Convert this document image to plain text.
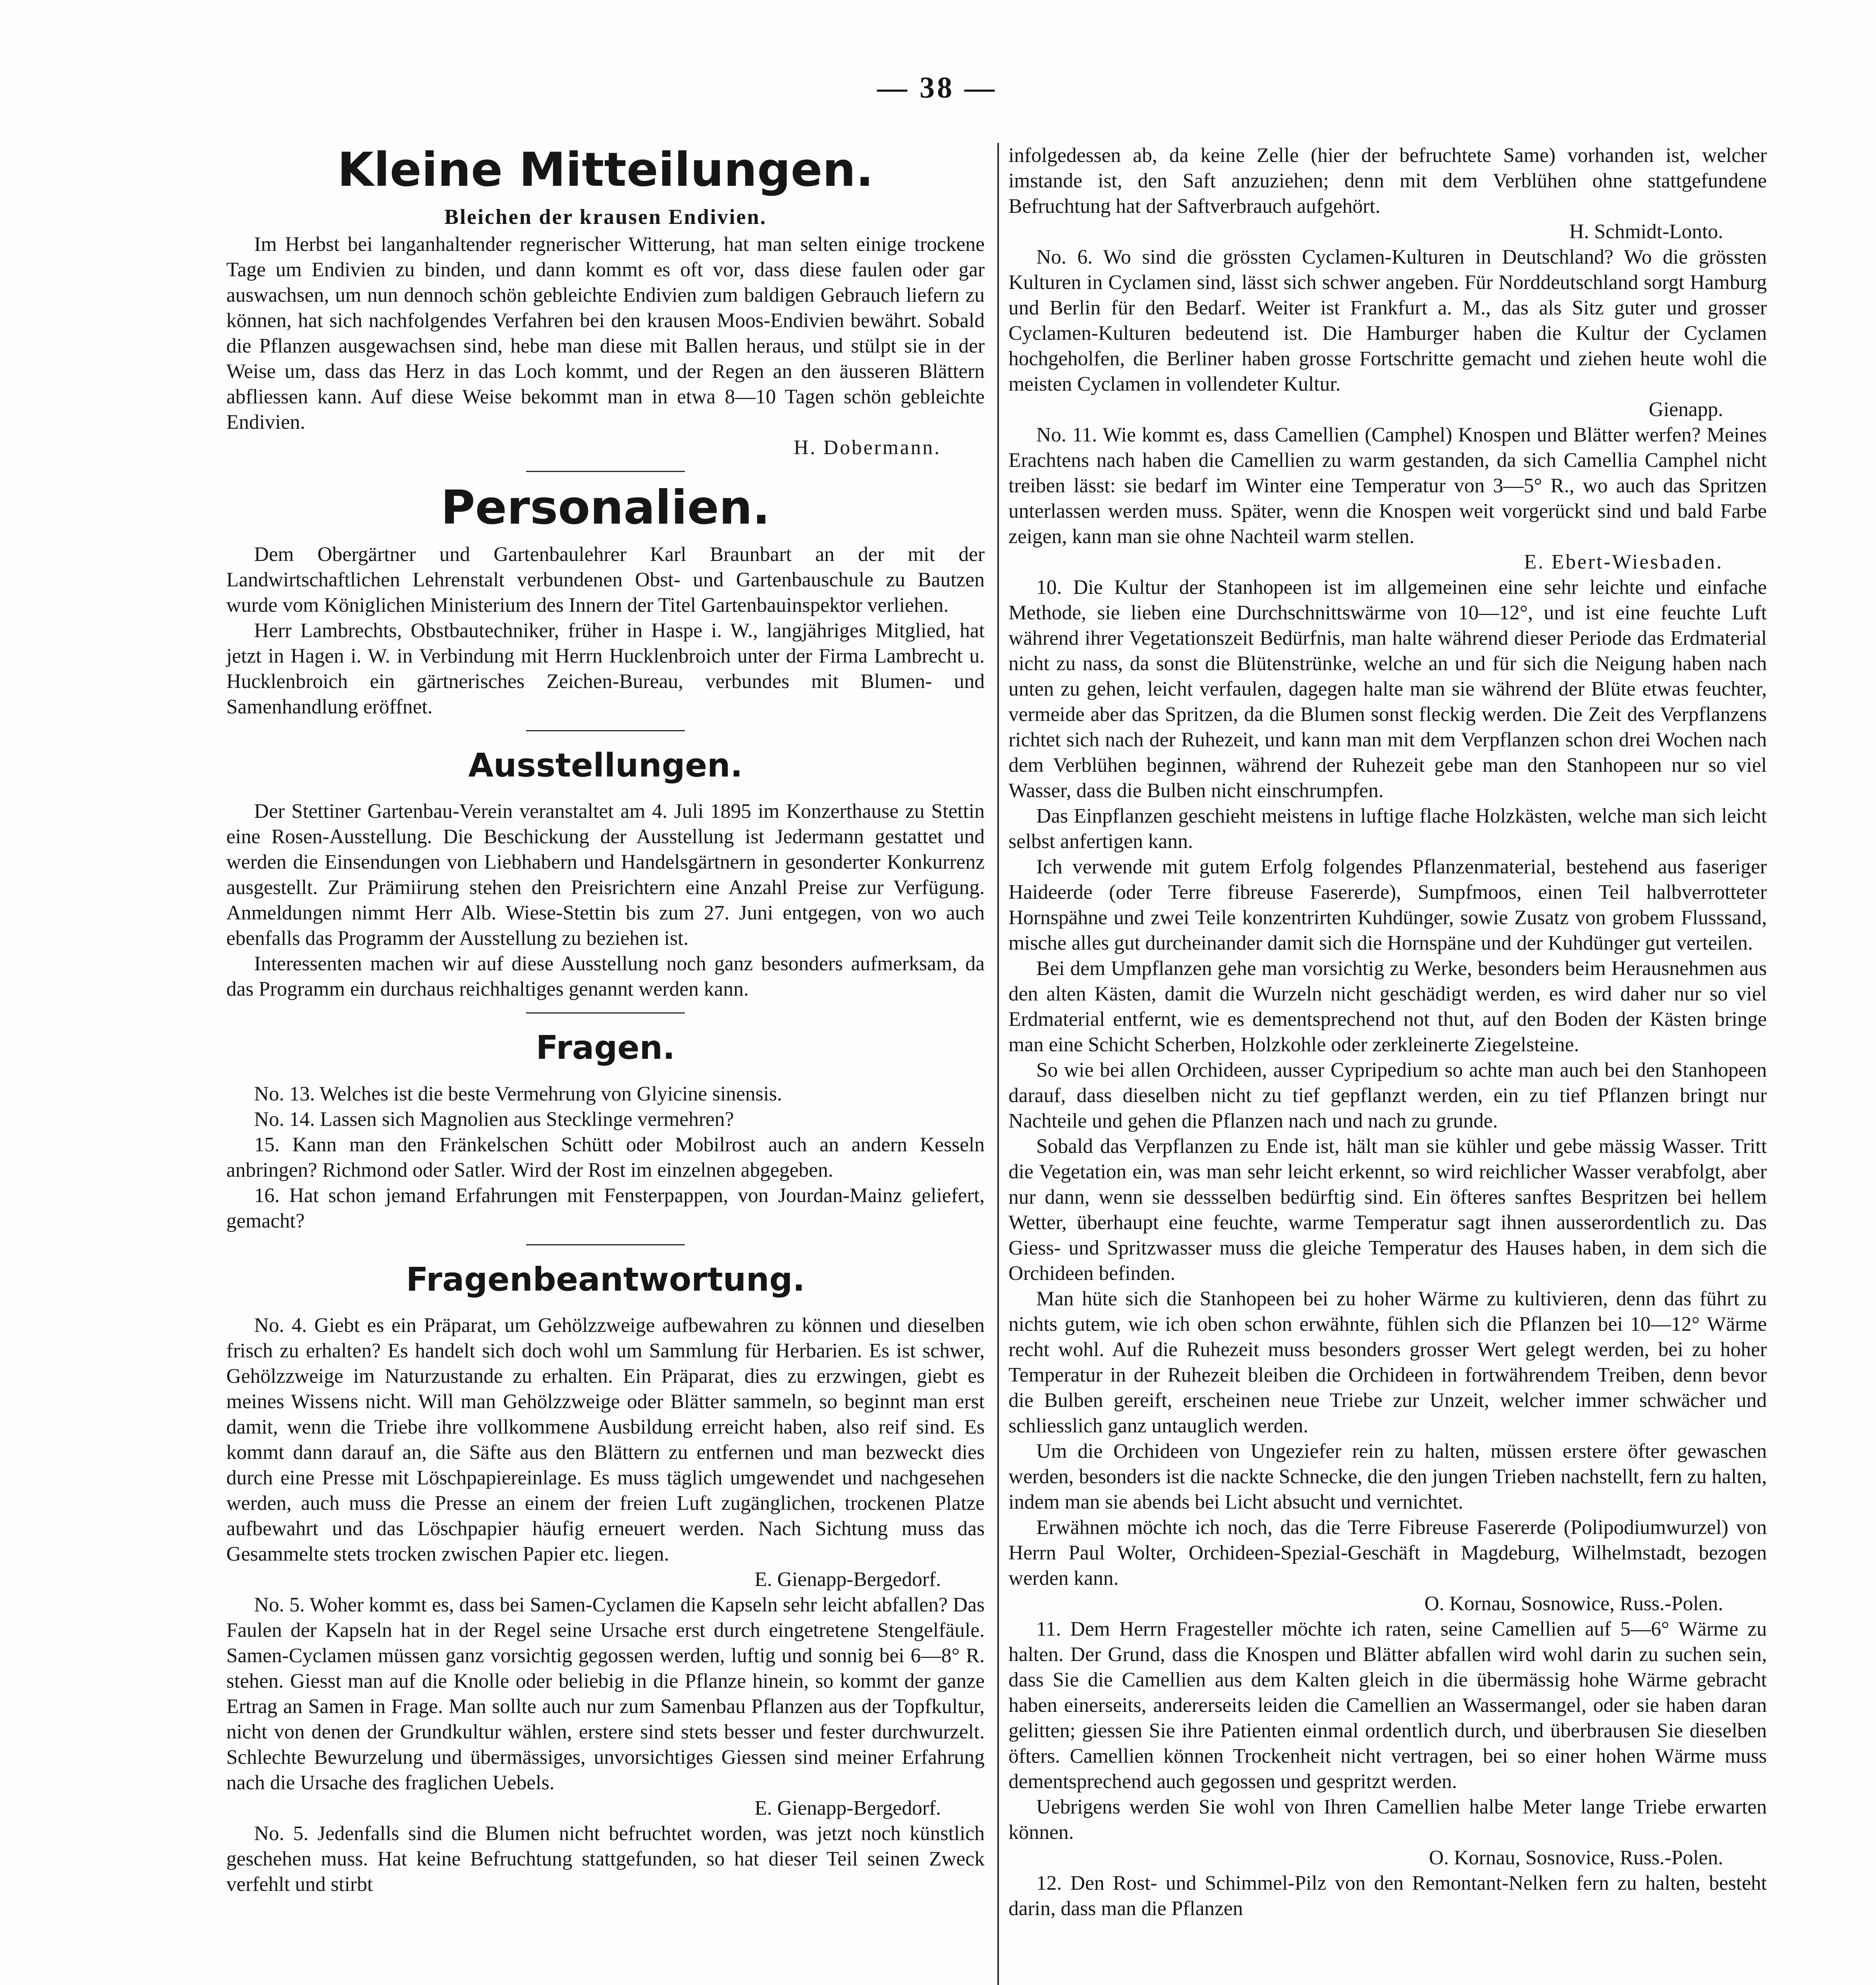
— 38 —
Kleine Mitteilungen.
Bleichen der krausen Endivien.

Im Herbst bei langanhaltender regnerischer Witterung, hat man selten einige trockene Tage um Endivien zu binden, und dann kommt es oft vor, dass diese faulen oder gar auswachsen, um nun dennoch schön gebleichte Endivien zum baldigen Gebrauch liefern zu können, hat sich nachfolgendes Verfahren bei den krausen Moos-Endivien bewährt. Sobald die Pflanzen ausgewachsen sind, hebe man diese mit Ballen heraus, und stülpt sie in der Weise um, dass das Herz in das Loch kommt, und der Regen an den äusseren Blättern abfliessen kann. Auf diese Weise bekommt man in etwa 8—10 Tagen schön gebleichte Endivien.

H. Dobermann.
Personalien.

Dem Obergärtner und Gartenbaulehrer Karl Braunbart an der mit der Landwirtschaftlichen Lehrenstalt verbundenen Obst- und Gartenbauschule zu Bautzen wurde vom Königlichen Ministerium des Innern der Titel Gartenbauinspektor verliehen.

Herr Lambrechts, Obstbautechniker, früher in Haspe i. W., langjähriges Mitglied, hat jetzt in Hagen i. W. in Verbindung mit Herrn Hucklenbroich unter der Firma Lambrecht u. Hucklenbroich ein gärtnerisches Zeichen-Bureau, verbundes mit Blumen- und Samenhandlung eröffnet.

Ausstellungen.

Der Stettiner Gartenbau-Verein veranstaltet am 4. Juli 1895 im Konzerthause zu Stettin eine Rosen-Ausstellung. Die Beschickung der Ausstellung ist Jedermann gestattet und werden die Einsendungen von Liebhabern und Handelsgärtnern in gesonderter Konkurrenz ausgestellt. Zur Prämiirung stehen den Preisrichtern eine Anzahl Preise zur Verfügung. Anmeldungen nimmt Herr Alb. Wiese-Stettin bis zum 27. Juni entgegen, von wo auch ebenfalls das Programm der Ausstellung zu beziehen ist.

Interessenten machen wir auf diese Ausstellung noch ganz besonders aufmerksam, da das Programm ein durchaus reichhaltiges genannt werden kann.

Fragen.

No. 13. Welches ist die beste Vermehrung von Glyicine sinensis.

No. 14. Lassen sich Magnolien aus Stecklinge vermehren?

15. Kann man den Fränkelschen Schütt oder Mobilrost auch an andern Kesseln anbringen? Richmond oder Satler. Wird der Rost im einzelnen abgegeben.

16. Hat schon jemand Erfahrungen mit Fensterpappen, von Jourdan-Mainz geliefert, gemacht?

Fragenbeantwortung.

No. 4. Giebt es ein Präparat, um Gehölzzweige aufbewahren zu können und dieselben frisch zu erhalten? Es handelt sich doch wohl um Sammlung für Herbarien. Es ist schwer, Gehölzzweige im Naturzustande zu erhalten. Ein Präparat, dies zu erzwingen, giebt es meines Wissens nicht. Will man Gehölzzweige oder Blätter sammeln, so beginnt man erst damit, wenn die Triebe ihre vollkommene Ausbildung erreicht haben, also reif sind. Es kommt dann darauf an, die Säfte aus den Blättern zu entfernen und man bezweckt dies durch eine Presse mit Löschpapiereinlage. Es muss täglich umgewendet und nachgesehen werden, auch muss die Presse an einem der freien Luft zugänglichen, trockenen Platze aufbewahrt und das Löschpapier häufig erneuert werden. Nach Sichtung muss das Gesammelte stets trocken zwischen Papier etc. liegen.

E. Gienapp-Bergedorf.

No. 5. Woher kommt es, dass bei Samen-Cyclamen die Kapseln sehr leicht abfallen? Das Faulen der Kapseln hat in der Regel seine Ursache erst durch eingetretene Stengelfäule. Samen-Cyclamen müssen ganz vorsichtig gegossen werden, luftig und sonnig bei 6—8° R. stehen. Giesst man auf die Knolle oder beliebig in die Pflanze hinein, so kommt der ganze Ertrag an Samen in Frage. Man sollte auch nur zum Samenbau Pflanzen aus der Topfkultur, nicht von denen der Grundkultur wählen, erstere sind stets besser und fester durchwurzelt. Schlechte Bewurzelung und übermässiges, unvorsichtiges Giessen sind meiner Erfahrung nach die Ursache des fraglichen Uebels.

E. Gienapp-Bergedorf.

No. 5. Jedenfalls sind die Blumen nicht befruchtet worden, was jetzt noch künstlich geschehen muss. Hat keine Befruchtung stattgefunden, so hat dieser Teil seinen Zweck verfehlt und stirbt

infolgedessen ab, da keine Zelle (hier der befruchtete Same) vorhanden ist, welcher imstande ist, den Saft anzuziehen; denn mit dem Verblühen ohne stattgefundene Befruchtung hat der Saftverbrauch aufgehört.

H. Schmidt-Lonto.

No. 6. Wo sind die grössten Cyclamen-Kulturen in Deutschland? Wo die grössten Kulturen in Cyclamen sind, lässt sich schwer angeben. Für Norddeutschland sorgt Hamburg und Berlin für den Bedarf. Weiter ist Frankfurt a. M., das als Sitz guter und grosser Cyclamen-Kulturen bedeutend ist. Die Hamburger haben die Kultur der Cyclamen hochgeholfen, die Berliner haben grosse Fortschritte gemacht und ziehen heute wohl die meisten Cyclamen in vollendeter Kultur.

Gienapp.

No. 11. Wie kommt es, dass Camellien (Camphel) Knospen und Blätter werfen? Meines Erachtens nach haben die Camellien zu warm gestanden, da sich Camellia Camphel nicht treiben lässt: sie bedarf im Winter eine Temperatur von 3—5° R., wo auch das Spritzen unterlassen werden muss. Später, wenn die Knospen weit vorgerückt sind und bald Farbe zeigen, kann man sie ohne Nachteil warm stellen.

E. Ebert-Wiesbaden.

10. Die Kultur der Stanhopeen ist im allgemeinen eine sehr leichte und einfache Methode, sie lieben eine Durchschnittswärme von 10—12°, und ist eine feuchte Luft während ihrer Vegetationszeit Bedürfnis, man halte während dieser Periode das Erdmaterial nicht zu nass, da sonst die Blütenstrünke, welche an und für sich die Neigung haben nach unten zu gehen, leicht verfaulen, dagegen halte man sie während der Blüte etwas feuchter, vermeide aber das Spritzen, da die Blumen sonst fleckig werden. Die Zeit des Verpflanzens richtet sich nach der Ruhezeit, und kann man mit dem Verpflanzen schon drei Wochen nach dem Verblühen beginnen, während der Ruhezeit gebe man den Stanhopeen nur so viel Wasser, dass die Bulben nicht einschrumpfen.

Das Einpflanzen geschieht meistens in luftige flache Holzkästen, welche man sich leicht selbst anfertigen kann.

Ich verwende mit gutem Erfolg folgendes Pflanzenmaterial, bestehend aus faseriger Haideerde (oder Terre fibreuse Fasererde), Sumpfmoos, einen Teil halbverrotteter Hornspähne und zwei Teile konzentrirten Kuhdünger, sowie Zusatz von grobem Flusssand, mische alles gut durcheinander damit sich die Hornspäne und der Kuhdünger gut verteilen.

Bei dem Umpflanzen gehe man vorsichtig zu Werke, besonders beim Herausnehmen aus den alten Kästen, damit die Wurzeln nicht geschädigt werden, es wird daher nur so viel Erdmaterial entfernt, wie es dementsprechend not thut, auf den Boden der Kästen bringe man eine Schicht Scherben, Holzkohle oder zerkleinerte Ziegelsteine.

So wie bei allen Orchideen, ausser Cypripedium so achte man auch bei den Stanhopeen darauf, dass dieselben nicht zu tief gepflanzt werden, ein zu tief Pflanzen bringt nur Nachteile und gehen die Pflanzen nach und nach zu grunde.

Sobald das Verpflanzen zu Ende ist, hält man sie kühler und gebe mässig Wasser. Tritt die Vegetation ein, was man sehr leicht erkennt, so wird reichlicher Wasser verabfolgt, aber nur dann, wenn sie dessselben bedürftig sind. Ein öfteres sanftes Bespritzen bei hellem Wetter, überhaupt eine feuchte, warme Temperatur sagt ihnen ausserordentlich zu. Das Giess- und Spritzwasser muss die gleiche Temperatur des Hauses haben, in dem sich die Orchideen befinden.

Man hüte sich die Stanhopeen bei zu hoher Wärme zu kultivieren, denn das führt zu nichts gutem, wie ich oben schon erwähnte, fühlen sich die Pflanzen bei 10—12° Wärme recht wohl. Auf die Ruhezeit muss besonders grosser Wert gelegt werden, bei zu hoher Temperatur in der Ruhezeit bleiben die Orchideen in fortwährendem Treiben, denn bevor die Bulben gereift, erscheinen neue Triebe zur Unzeit, welcher immer schwächer und schliesslich ganz untauglich werden.

Um die Orchideen von Ungeziefer rein zu halten, müssen erstere öfter gewaschen werden, besonders ist die nackte Schnecke, die den jungen Trieben nachstellt, fern zu halten, indem man sie abends bei Licht absucht und vernichtet.

Erwähnen möchte ich noch, das die Terre Fibreuse Fasererde (Polipodiumwurzel) von Herrn Paul Wolter, Orchideen-Spezial-Geschäft in Magdeburg, Wilhelmstadt, bezogen werden kann.

O. Kornau, Sosnowice, Russ.-Polen.

11. Dem Herrn Fragesteller möchte ich raten, seine Camellien auf 5—6° Wärme zu halten. Der Grund, dass die Knospen und Blätter abfallen wird wohl darin zu suchen sein, dass Sie die Camellien aus dem Kalten gleich in die übermässig hohe Wärme gebracht haben einerseits, andererseits leiden die Camellien an Wassermangel, oder sie haben daran gelitten; giessen Sie ihre Patienten einmal ordentlich durch, und überbrausen Sie dieselben öfters. Camellien können Trockenheit nicht vertragen, bei so einer hohen Wärme muss dementsprechend auch gegossen und gespritzt werden.

Uebrigens werden Sie wohl von Ihren Camellien halbe Meter lange Triebe erwarten können.

O. Kornau, Sosnovice, Russ.-Polen.

12. Den Rost- und Schimmel-Pilz von den Remontant-Nelken fern zu halten, besteht darin, dass man die Pflanzen
